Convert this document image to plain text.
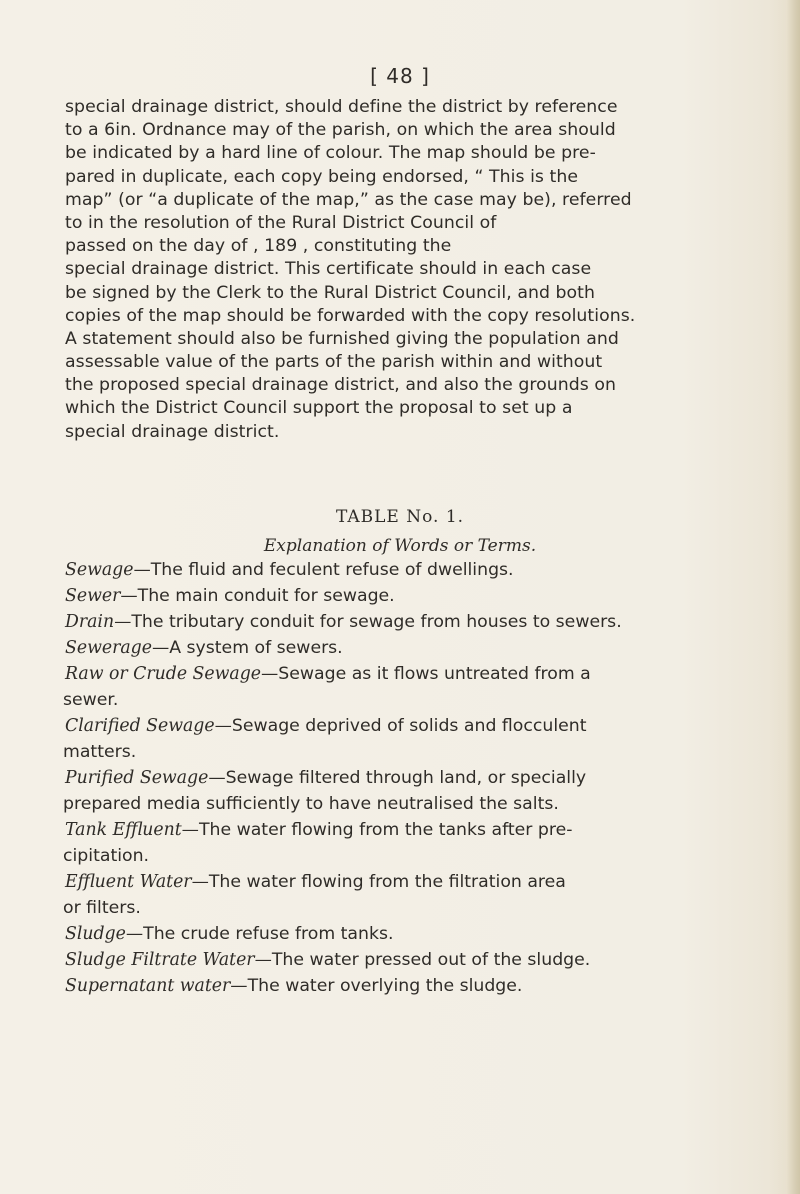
[ 48 ]
special drainage district, should define the district by reference
to a 6in. Ordnance may of the parish, on which the area should
be indicated by a hard line of colour. The map should be pre-
pared in duplicate, each copy being endorsed, “ This is the
map” (or “a duplicate of the map,” as the case may be), referred
to in the resolution of the Rural District Council of
passed on the day of , 189 , constituting the
special drainage district. This certificate should in each case
be signed by the Clerk to the Rural District Council, and both
copies of the map should be forwarded with the copy resolutions.
A statement should also be furnished giving the population and
assessable value of the parts of the parish within and without
the proposed special drainage district, and also the grounds on
which the District Council support the proposal to set up a
special drainage district.
TABLE No. 1.
Explanation of Words or Terms.
Sewage—The fluid and feculent refuse of dwellings.
Sewer—The main conduit for sewage.
Drain—The tributary conduit for sewage from houses to sewers.
Sewerage—A system of sewers.
Raw or Crude Sewage—Sewage as it flows untreated from a
sewer.
Clarified Sewage—Sewage deprived of solids and flocculent
matters.
Purified Sewage—Sewage filtered through land, or specially
prepared media sufficiently to have neutralised the salts.
Tank Effluent—The water flowing from the tanks after pre-
cipitation.
Effluent Water—The water flowing from the filtration area
or filters.
Sludge—The crude refuse from tanks.
Sludge Filtrate Water—The water pressed out of the sludge.
Supernatant water—The water overlying the sludge.
